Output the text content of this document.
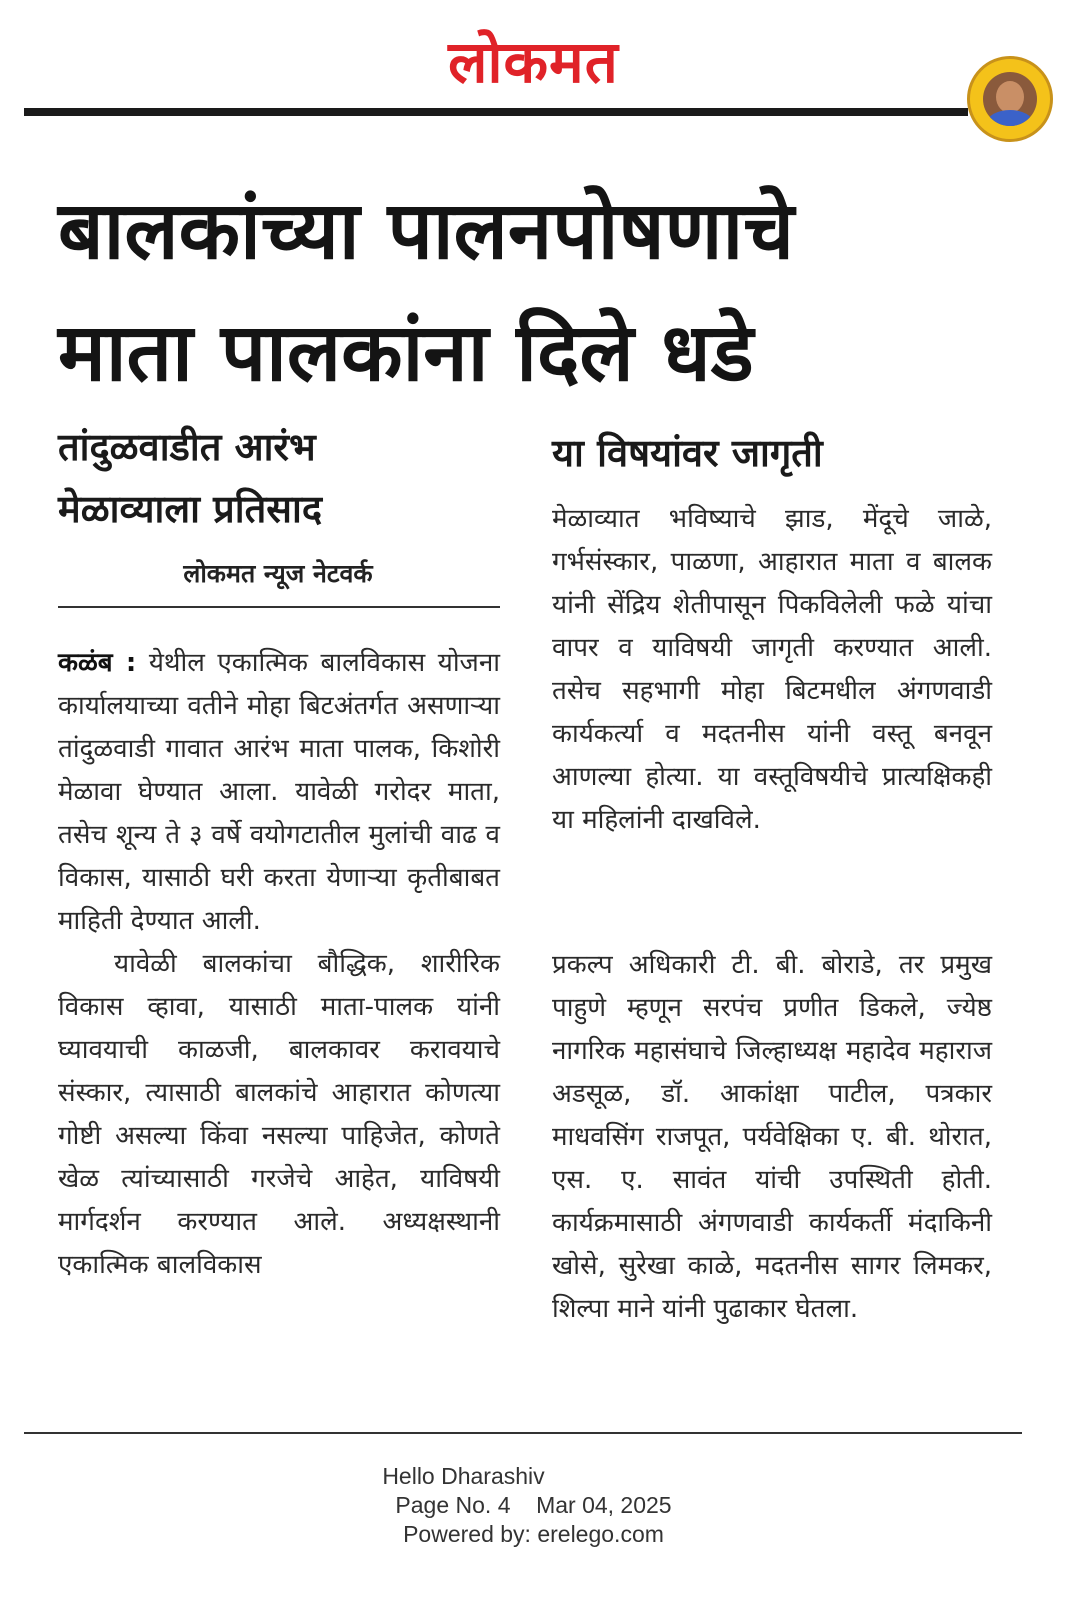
लोकमत
बालकांच्या पालनपोषणाचे
माता पालकांना दिले धडे
तांदुळवाडीत आरंभ
मेळाव्याला प्रतिसाद
या विषयांवर जागृती
लोकमत न्यूज नेटवर्क

कळंब : येथील एकात्मिक बालविकास योजना कार्यालयाच्या वतीने मोहा बिटअंतर्गत असणाऱ्या तांदुळवाडी गावात आरंभ माता पालक, किशोरी मेळावा घेण्यात आला. यावेळी गरोदर माता, तसेच शून्य ते ३ वर्षे वयोगटातील मुलांची वाढ व विकास, यासाठी घरी करता येणाऱ्या कृतीबाबत माहिती देण्यात आली.

यावेळी बालकांचा बौद्धिक, शारीरिक विकास व्हावा, यासाठी माता-पालक यांनी घ्यावयाची काळजी, बालकावर करावयाचे संस्कार, त्यासाठी बालकांचे आहारात कोणत्या गोष्टी असल्या किंवा नसल्या पाहिजेत, कोणते खेळ त्यांच्यासाठी गरजेचे आहेत, याविषयी मार्गदर्शन करण्यात आले. अध्यक्षस्थानी एकात्मिक बालविकास

मेळाव्यात भविष्याचे झाड, मेंदूचे जाळे, गर्भसंस्कार, पाळणा, आहारात माता व बालक यांनी सेंद्रिय शेतीपासून पिकविलेली फळे यांचा वापर व याविषयी जागृती करण्यात आली. तसेच सहभागी मोहा बिटमधील अंगणवाडी कार्यकर्त्या व मदतनीस यांनी वस्तू बनवून आणल्या होत्या. या वस्तूविषयीचे प्रात्यक्षिकही या महिलांनी दाखविले.

प्रकल्प अधिकारी टी. बी. बोराडे, तर प्रमुख पाहुणे म्हणून सरपंच प्रणीत डिकले, ज्येष्ठ नागरिक महासंघाचे जिल्हाध्यक्ष महादेव महाराज अडसूळ, डॉ. आकांक्षा पाटील, पत्रकार माधवसिंग राजपूत, पर्यवेक्षिका ए. बी. थोरात, एस. ए. सावंत यांची उपस्थिती होती. कार्यक्रमासाठी अंगणवाडी कार्यकर्ती मंदाकिनी खोसे, सुरेखा काळे, मदतनीस सागर लिमकर, शिल्पा माने यांनी पुढाकार घेतला.

Hello Dharashiv
Page No. 4 Mar 04, 2025
Powered by: erelego.com
